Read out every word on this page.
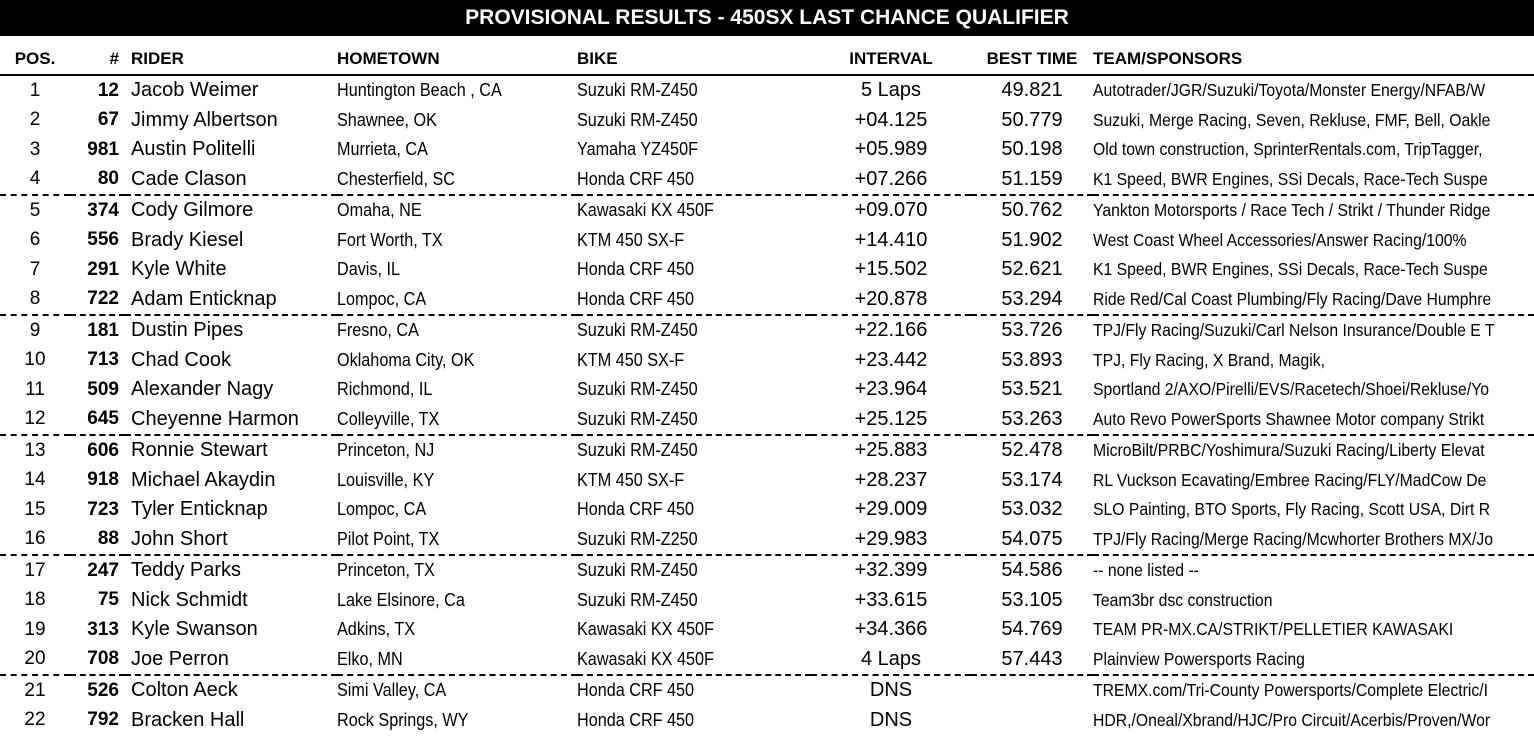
PROVISIONAL RESULTS - 450SX LAST CHANCE QUALIFIER
POS.	#	RIDER	HOMETOWN	BIKE	INTERVAL	BEST TIME	TEAM/SPONSORS
1	12	Jacob Weimer	Huntington Beach , CA	Suzuki RM-Z450	5 Laps	49.821	Autotrader/JGR/Suzuki/Toyota/Monster Energy/NFAB/W
2	67	Jimmy Albertson	Shawnee, OK	Suzuki RM-Z450	+04.125	50.779	Suzuki, Merge Racing, Seven, Rekluse, FMF, Bell, Oakle
3	981	Austin Politelli	Murrieta, CA	Yamaha YZ450F	+05.989	50.198	Old town construction, SprinterRentals.com, TripTagger,
4	80	Cade Clason	Chesterfield, SC	Honda CRF 450	+07.266	51.159	K1 Speed, BWR Engines, SSi Decals, Race-Tech Suspe
5	374	Cody Gilmore	Omaha, NE	Kawasaki KX 450F	+09.070	50.762	Yankton Motorsports / Race Tech / Strikt / Thunder Ridge
6	556	Brady Kiesel	Fort Worth, TX	KTM 450 SX-F	+14.410	51.902	West Coast Wheel Accessories/Answer Racing/100%
7	291	Kyle White	Davis, IL	Honda CRF 450	+15.502	52.621	K1 Speed, BWR Engines, SSi Decals, Race-Tech Suspe
8	722	Adam Enticknap	Lompoc, CA	Honda CRF 450	+20.878	53.294	Ride Red/Cal Coast Plumbing/Fly Racing/Dave Humphre
9	181	Dustin Pipes	Fresno, CA	Suzuki RM-Z450	+22.166	53.726	TPJ/Fly Racing/Suzuki/Carl Nelson Insurance/Double E T
10	713	Chad Cook	Oklahoma City, OK	KTM 450 SX-F	+23.442	53.893	TPJ, Fly Racing, X Brand, Magik,
11	509	Alexander Nagy	Richmond, IL	Suzuki RM-Z450	+23.964	53.521	Sportland 2/AXO/Pirelli/EVS/Racetech/Shoei/Rekluse/Yo
12	645	Cheyenne Harmon	Colleyville, TX	Suzuki RM-Z450	+25.125	53.263	Auto Revo PowerSports Shawnee Motor company Strikt
13	606	Ronnie Stewart	Princeton, NJ	Suzuki RM-Z450	+25.883	52.478	MicroBilt/PRBC/Yoshimura/Suzuki Racing/Liberty Elevat
14	918	Michael Akaydin	Louisville, KY	KTM 450 SX-F	+28.237	53.174	RL Vuckson Ecavating/Embree Racing/FLY/MadCow De
15	723	Tyler Enticknap	Lompoc, CA	Honda CRF 450	+29.009	53.032	SLO Painting, BTO Sports, Fly Racing, Scott USA, Dirt R
16	88	John Short	Pilot Point, TX	Suzuki RM-Z250	+29.983	54.075	TPJ/Fly Racing/Merge Racing/Mcwhorter Brothers MX/Jo
17	247	Teddy Parks	Princeton, TX	Suzuki RM-Z450	+32.399	54.586	-- none listed --
18	75	Nick Schmidt	Lake Elsinore, Ca	Suzuki RM-Z450	+33.615	53.105	Team3br dsc construction
19	313	Kyle Swanson	Adkins, TX	Kawasaki KX 450F	+34.366	54.769	TEAM PR-MX.CA/STRIKT/PELLETIER KAWASAKI
20	708	Joe Perron	Elko, MN	Kawasaki KX 450F	4 Laps	57.443	Plainview Powersports Racing
21	526	Colton Aeck	Simi Valley, CA	Honda CRF 450	DNS		TREMX.com/Tri-County Powersports/Complete Electric/I
22	792	Bracken Hall	Rock Springs, WY	Honda CRF 450	DNS		HDR,/Oneal/Xbrand/HJC/Pro Circuit/Acerbis/Proven/Wor
